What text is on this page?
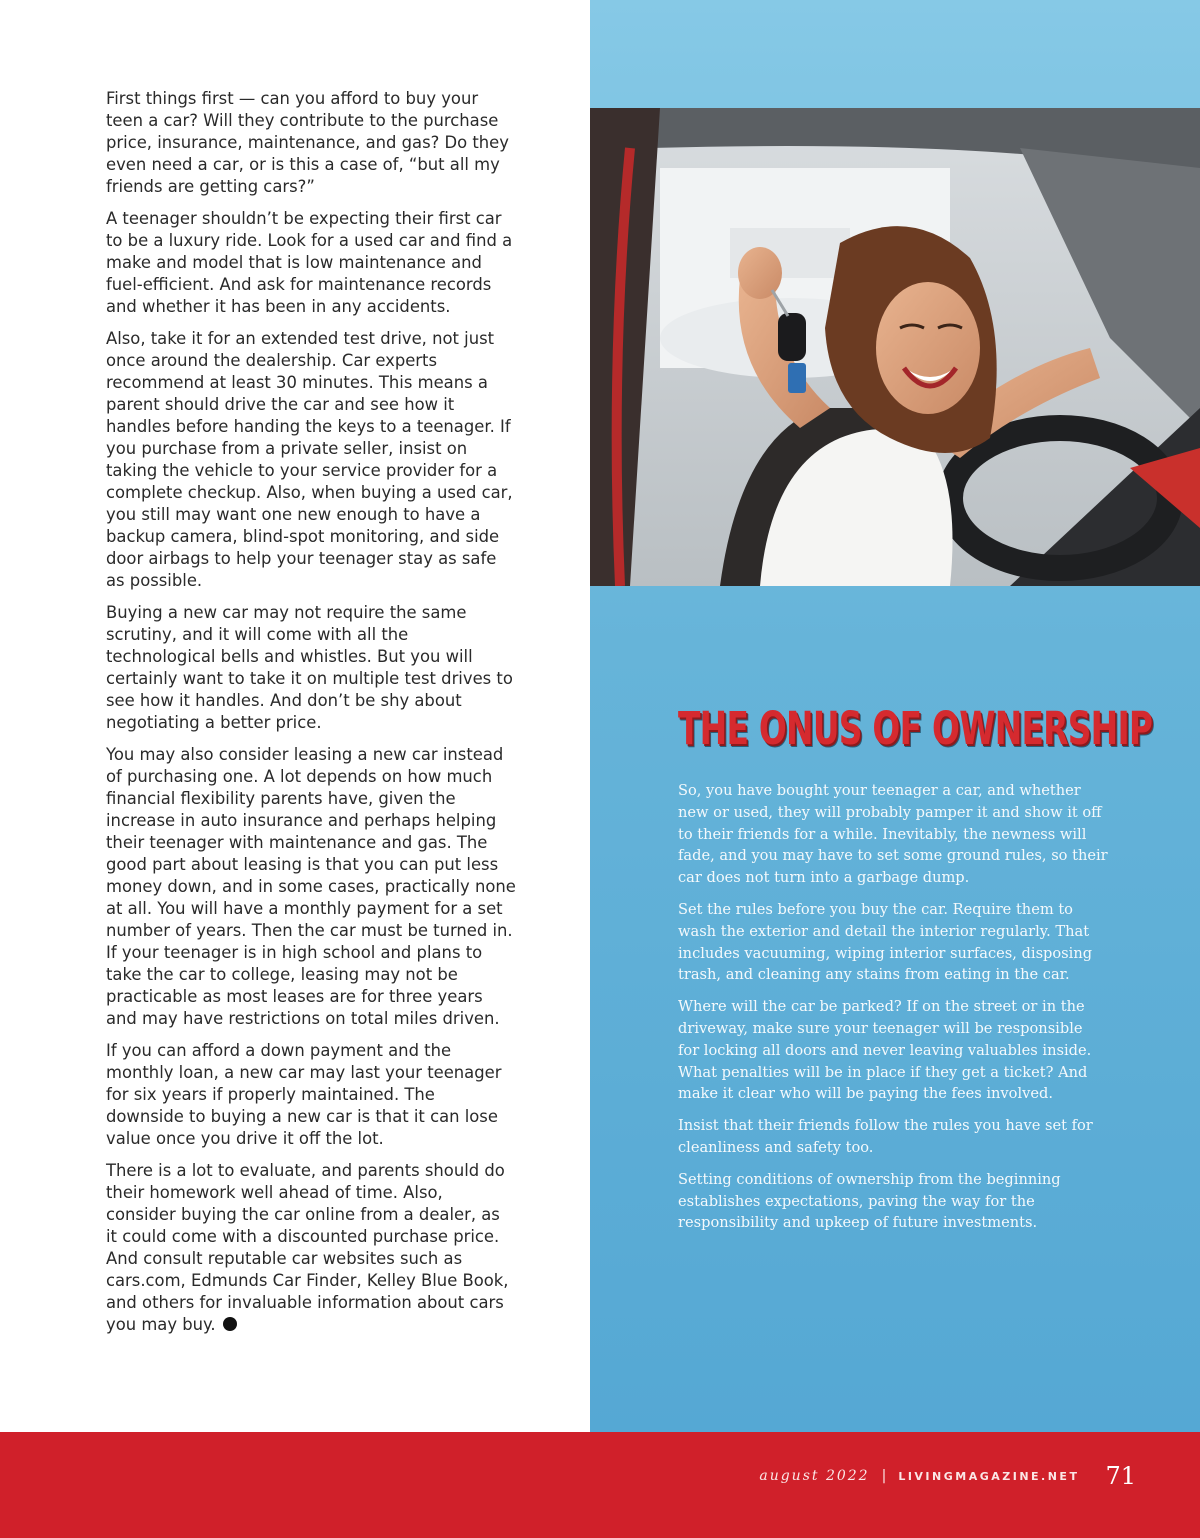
First things first — can you afford to buy your teen a car? Will they contribute to the purchase price, insurance, maintenance, and gas? Do they even need a car, or is this a case of, “but all my friends are getting cars?”

A teenager shouldn’t be expecting their first car to be a luxury ride. Look for a used car and find a make and model that is low maintenance and fuel-efficient. And ask for maintenance records and whether it has been in any accidents.

Also, take it for an extended test drive, not just once around the dealership. Car experts recommend at least 30 minutes. This means a parent should drive the car and see how it handles before handing the keys to a teenager. If you purchase from a private seller, insist on taking the vehicle to your service provider for a complete checkup. Also, when buying a used car, you still may want one new enough to have a backup camera, blind-spot monitoring, and side door airbags to help your teenager stay as safe as possible.

Buying a new car may not require the same scrutiny, and it will come with all the technological bells and whistles. But you will certainly want to take it on multiple test drives to see how it handles. And don’t be shy about negotiating a better price.

You may also consider leasing a new car instead of purchasing one. A lot depends on how much financial flexibility parents have, given the increase in auto insurance and perhaps helping their teenager with maintenance and gas. The good part about leasing is that you can put less money down, and in some cases, practically none at all. You will have a monthly payment for a set number of years. Then the car must be turned in. If your teenager is in high school and plans to take the car to college, leasing may not be practicable as most leases are for three years and may have restrictions on total miles driven.

If you can afford a down payment and the monthly loan, a new car may last your teenager for six years if properly maintained. The downside to buying a new car is that it can lose value once you drive it off the lot.

There is a lot to evaluate, and parents should do their homework well ahead of time. Also, consider buying the car online from a dealer, as it could come with a discounted purchase price. And consult reputable car websites such as cars.com, Edmunds Car Finder, Kelley Blue Book, and others for invaluable information about cars you may buy.

THE ONUS OF OWNERSHIP

So, you have bought your teenager a car, and whether new or used, they will probably pamper it and show it off to their friends for a while. Inevitably, the newness will fade, and you may have to set some ground rules, so their car does not turn into a garbage dump.

Set the rules before you buy the car. Require them to wash the exterior and detail the interior regularly. That includes vacuuming, wiping interior surfaces, disposing trash, and cleaning any stains from eating in the car.

Where will the car be parked? If on the street or in the driveway, make sure your teenager will be responsible for locking all doors and never leaving valuables inside. What penalties will be in place if they get a ticket? And make it clear who will be paying the fees involved.

Insist that their friends follow the rules you have set for cleanliness and safety too.

Setting conditions of ownership from the beginning establishes expectations, paving the way for the responsibility and upkeep of future investments.

august 2022 | LIVINGMAGAZINE.NET 71
